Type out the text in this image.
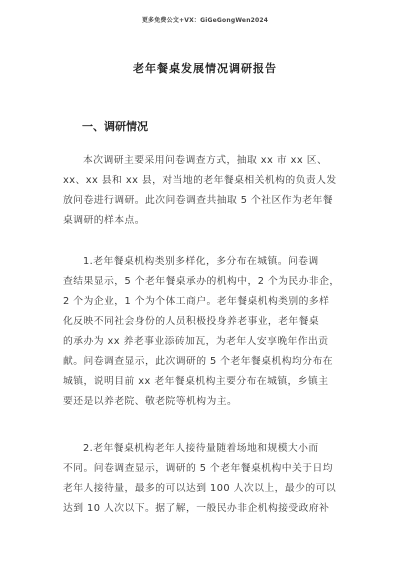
更多免费公文+VX：GiGeGongWen2024
老年餐桌发展情况调研报告
一、调研情况
本次调研主要采用问卷调查方式，抽取 xx 市 xx 区、
xx、xx 县和 xx 县，对当地的老年餐桌相关机构的负责人发
放问卷进行调研。此次问卷调查共抽取 5 个社区作为老年餐
桌调研的样本点。
1.老年餐桌机构类别多样化，多分布在城镇。问卷调
查结果显示，5 个老年餐桌承办的机构中，2 个为民办非企，
2 个为企业，1 个为个体工商户。老年餐桌机构类别的多样
化反映不同社会身份的人员积极投身养老事业，老年餐桌
的承办为 xx 养老事业添砖加瓦，为老年人安享晚年作出贡
献。问卷调查显示，此次调研的 5 个老年餐桌机构均分布在
城镇，说明目前 xx 老年餐桌机构主要分布在城镇，乡镇主
要还是以养老院、敬老院等机构为主。
2.老年餐桌机构老年人接待量随着场地和规模大小而
不同。问卷调查显示，调研的 5 个老年餐桌机构中关于日均
老年人接待量，最多的可以达到 100 人次以上，最少的可以
达到 10 人次以下。据了解，一般民办非企机构接受政府补
